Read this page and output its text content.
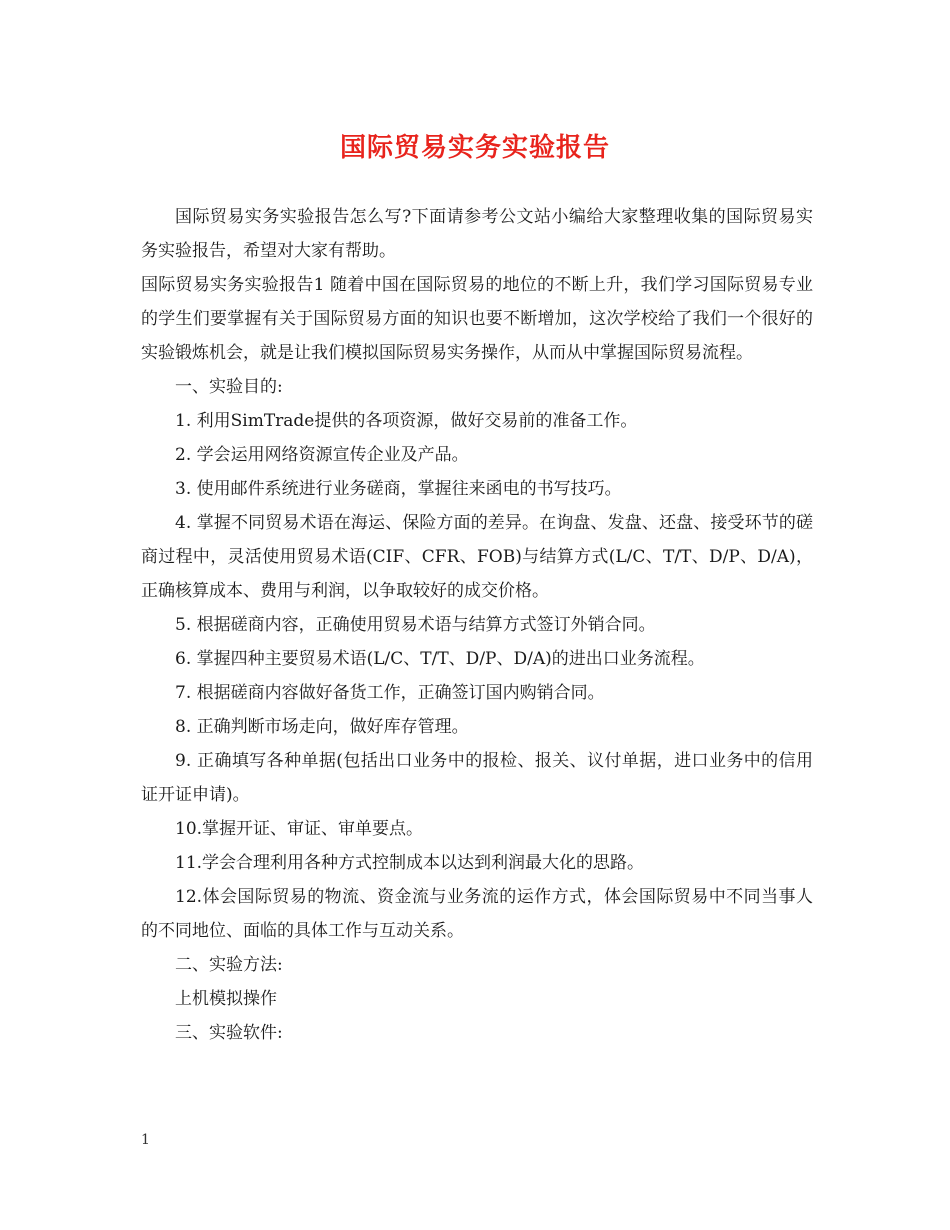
国际贸易实务实验报告

国际贸易实务实验报告怎么写?下面请参考公文站小编给大家整理收集的国际贸易实务实验报告，希望对大家有帮助。

国际贸易实务实验报告1 随着中国在国际贸易的地位的不断上升，我们学习国际贸易专业的学生们要掌握有关于国际贸易方面的知识也要不断增加，这次学校给了我们一个很好的实验锻炼机会，就是让我们模拟国际贸易实务操作，从而从中掌握国际贸易流程。

一、实验目的:

1. 利用SimTrade提供的各项资源，做好交易前的准备工作。

2. 学会运用网络资源宣传企业及产品。

3. 使用邮件系统进行业务磋商，掌握往来函电的书写技巧。

4. 掌握不同贸易术语在海运、保险方面的差异。在询盘、发盘、还盘、接受环节的磋商过程中，灵活使用贸易术语(CIF、CFR、FOB)与结算方式(L/C、T/T、D/P、D/A)，正确核算成本、费用与利润，以争取较好的成交价格。

5. 根据磋商内容，正确使用贸易术语与结算方式签订外销合同。

6. 掌握四种主要贸易术语(L/C、T/T、D/P、D/A)的进出口业务流程。

7. 根据磋商内容做好备货工作，正确签订国内购销合同。

8. 正确判断市场走向，做好库存管理。

9. 正确填写各种单据(包括出口业务中的报检、报关、议付单据，进口业务中的信用证开证申请)。

10.掌握开证、审证、审单要点。

11.学会合理利用各种方式控制成本以达到利润最大化的思路。

12.体会国际贸易的物流、资金流与业务流的运作方式，体会国际贸易中不同当事人的不同地位、面临的具体工作与互动关系。

二、实验方法:

上机模拟操作

三、实验软件:

1
